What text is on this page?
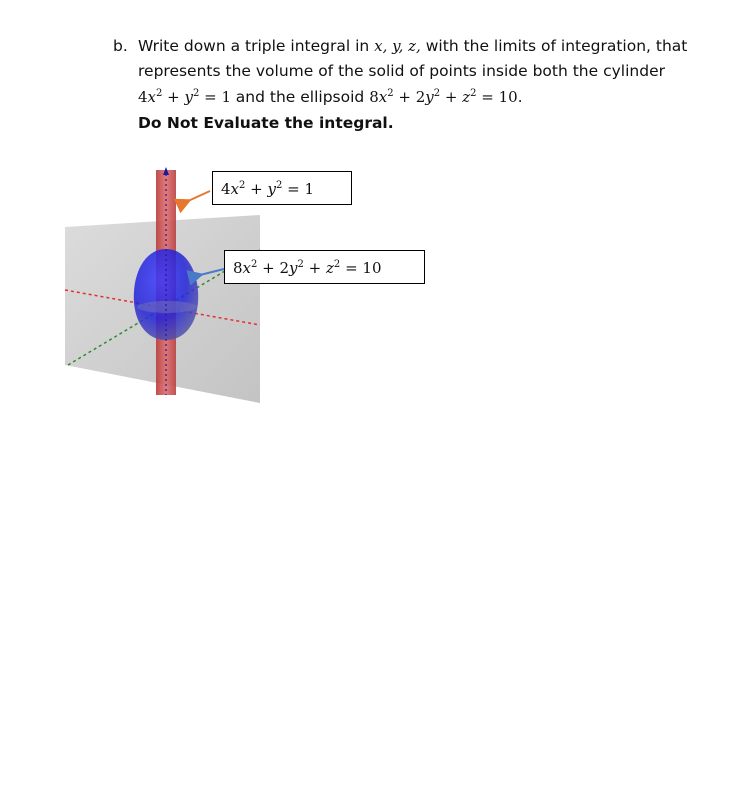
b. Write down a triple integral in x, y, z, with the limits of integration, that
represents the volume of the solid of points inside both the cylinder
$4x^2 + y^2 = 1$ and the ellipsoid $8x^2 + 2y^2 + z^2 = 10$.
Do Not Evaluate the integral.
$4x^2 + y^2 = 1$
$8x^2 + 2y^2 + z^2 = 10$
